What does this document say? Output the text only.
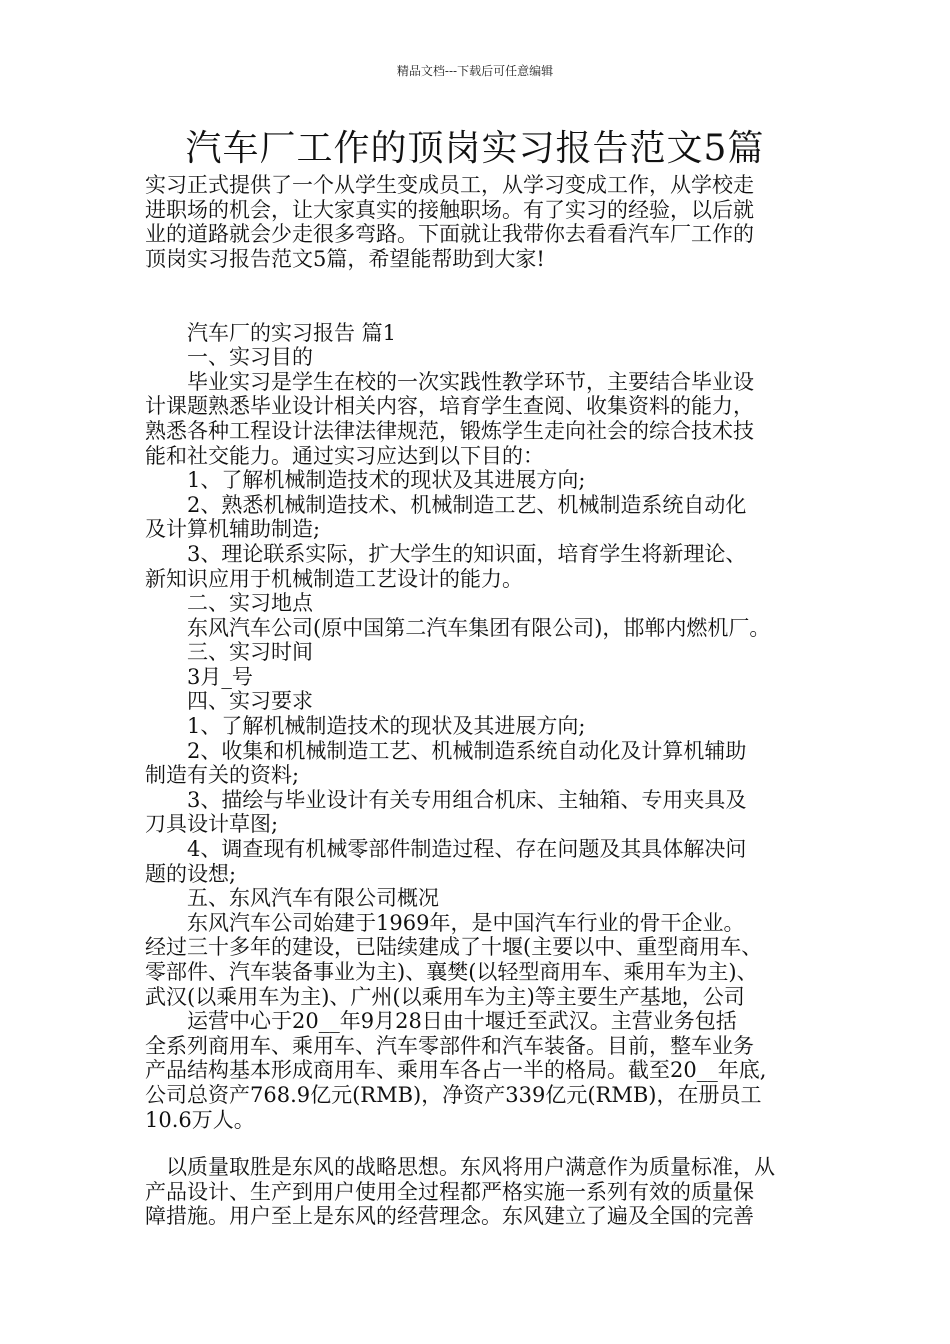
精品文档---下载后可任意编辑
汽车厂工作的顶岗实习报告范文5篇

实习正式提供了一个从学生变成员工，从学习变成工作，从学校走

进职场的机会，让大家真实的接触职场。有了实习的经验，以后就

业的道路就会少走很多弯路。下面就让我带你去看看汽车厂工作的

顶岗实习报告范文5篇，希望能帮助到大家!

　　汽车厂的实习报告 篇1

　　一、实习目的

　　毕业实习是学生在校的一次实践性教学环节，主要结合毕业设

计课题熟悉毕业设计相关内容，培育学生查阅、收集资料的能力，

熟悉各种工程设计法律法律规范，锻炼学生走向社会的综合技术技

能和社交能力。通过实习应达到以下目的：

　　1、了解机械制造技术的现状及其进展方向;

　　2、熟悉机械制造技术、机械制造工艺、机械制造系统自动化

及计算机辅助制造;

　　3、理论联系实际，扩大学生的知识面，培育学生将新理论、

新知识应用于机械制造工艺设计的能力。

　　二、实习地点

　　东风汽车公司(原中国第二汽车集团有限公司)，邯郸内燃机厂。

　　三、实习时间

　　3月_号

　　四、实习要求

　　1、了解机械制造技术的现状及其进展方向;

　　2、收集和机械制造工艺、机械制造系统自动化及计算机辅助

制造有关的资料;

　　3、描绘与毕业设计有关专用组合机床、主轴箱、专用夹具及

刀具设计草图;

　　4、调查现有机械零部件制造过程、存在问题及其具体解决问

题的设想;

　　五、东风汽车有限公司概况

　　东风汽车公司始建于1969年，是中国汽车行业的骨干企业。

经过三十多年的建设，已陆续建成了十堰(主要以中、重型商用车、

零部件、汽车装备事业为主)、襄樊(以轻型商用车、乘用车为主)、

武汉(以乘用车为主)、广州(以乘用车为主)等主要生产基地，公司

　　运营中心于20__年9月28日由十堰迁至武汉。主营业务包括

全系列商用车、乘用车、汽车零部件和汽车装备。目前，整车业务

产品结构基本形成商用车、乘用车各占一半的格局。截至20__年底,

公司总资产768.9亿元(RMB)，净资产339亿元(RMB)，在册员工

10.6万人。

　以质量取胜是东风的战略思想。东风将用户满意作为质量标准，从

产品设计、生产到用户使用全过程都严格实施一系列有效的质量保

障措施。用户至上是东风的经营理念。东风建立了遍及全国的完善
